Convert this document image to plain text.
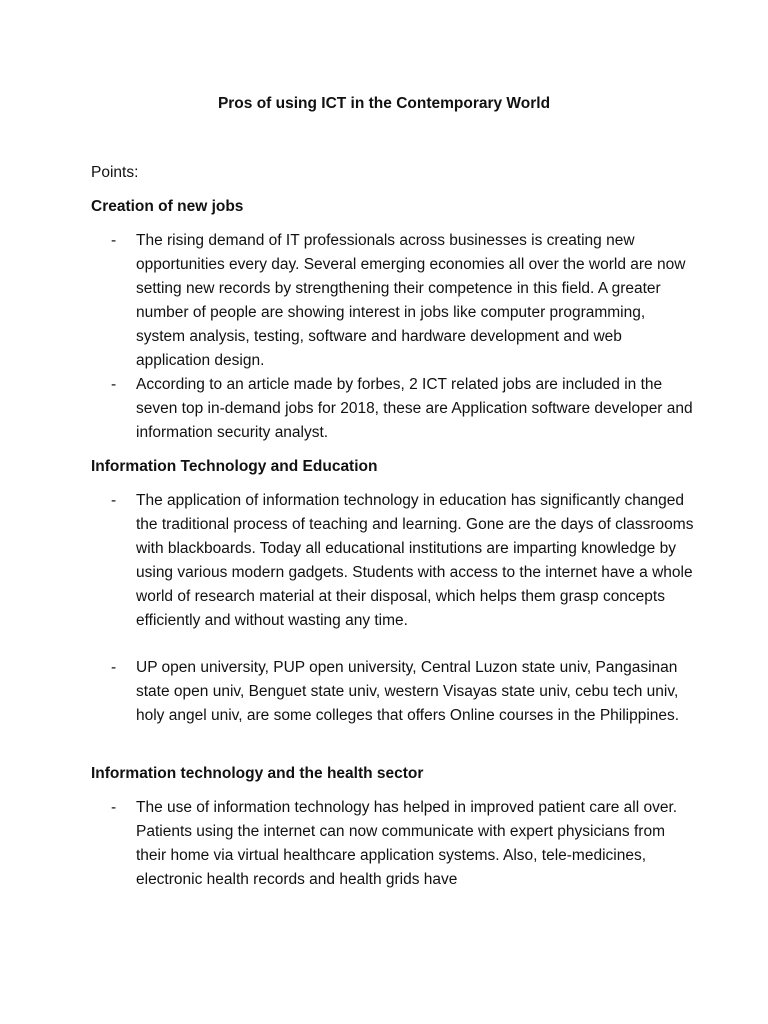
Pros of using ICT in the Contemporary World
Points:
Creation of new jobs
- The rising demand of IT professionals across businesses is creating new opportunities every day. Several emerging economies all over the world are now setting new records by strengthening their competence in this field. A greater number of people are showing interest in jobs like computer programming, system analysis, testing, software and hardware development and web application design.
- According to an article made by forbes, 2 ICT related jobs are included in the seven top in-demand jobs for 2018, these are Application software developer and information security analyst.
Information Technology and Education
- The application of information technology in education has significantly changed the traditional process of teaching and learning. Gone are the days of classrooms with blackboards. Today all educational institutions are imparting knowledge by using various modern gadgets. Students with access to the internet have a whole world of research material at their disposal, which helps them grasp concepts efficiently and without wasting any time.
- UP open university, PUP open university, Central Luzon state univ, Pangasinan state open univ, Benguet state univ, western Visayas state univ, cebu tech univ, holy angel univ, are some colleges that offers Online courses in the Philippines.
Information technology and the health sector
- The use of information technology has helped in improved patient care all over. Patients using the internet can now communicate with expert physicians from their home via virtual healthcare application systems. Also, tele-medicines, electronic health records and health grids have
